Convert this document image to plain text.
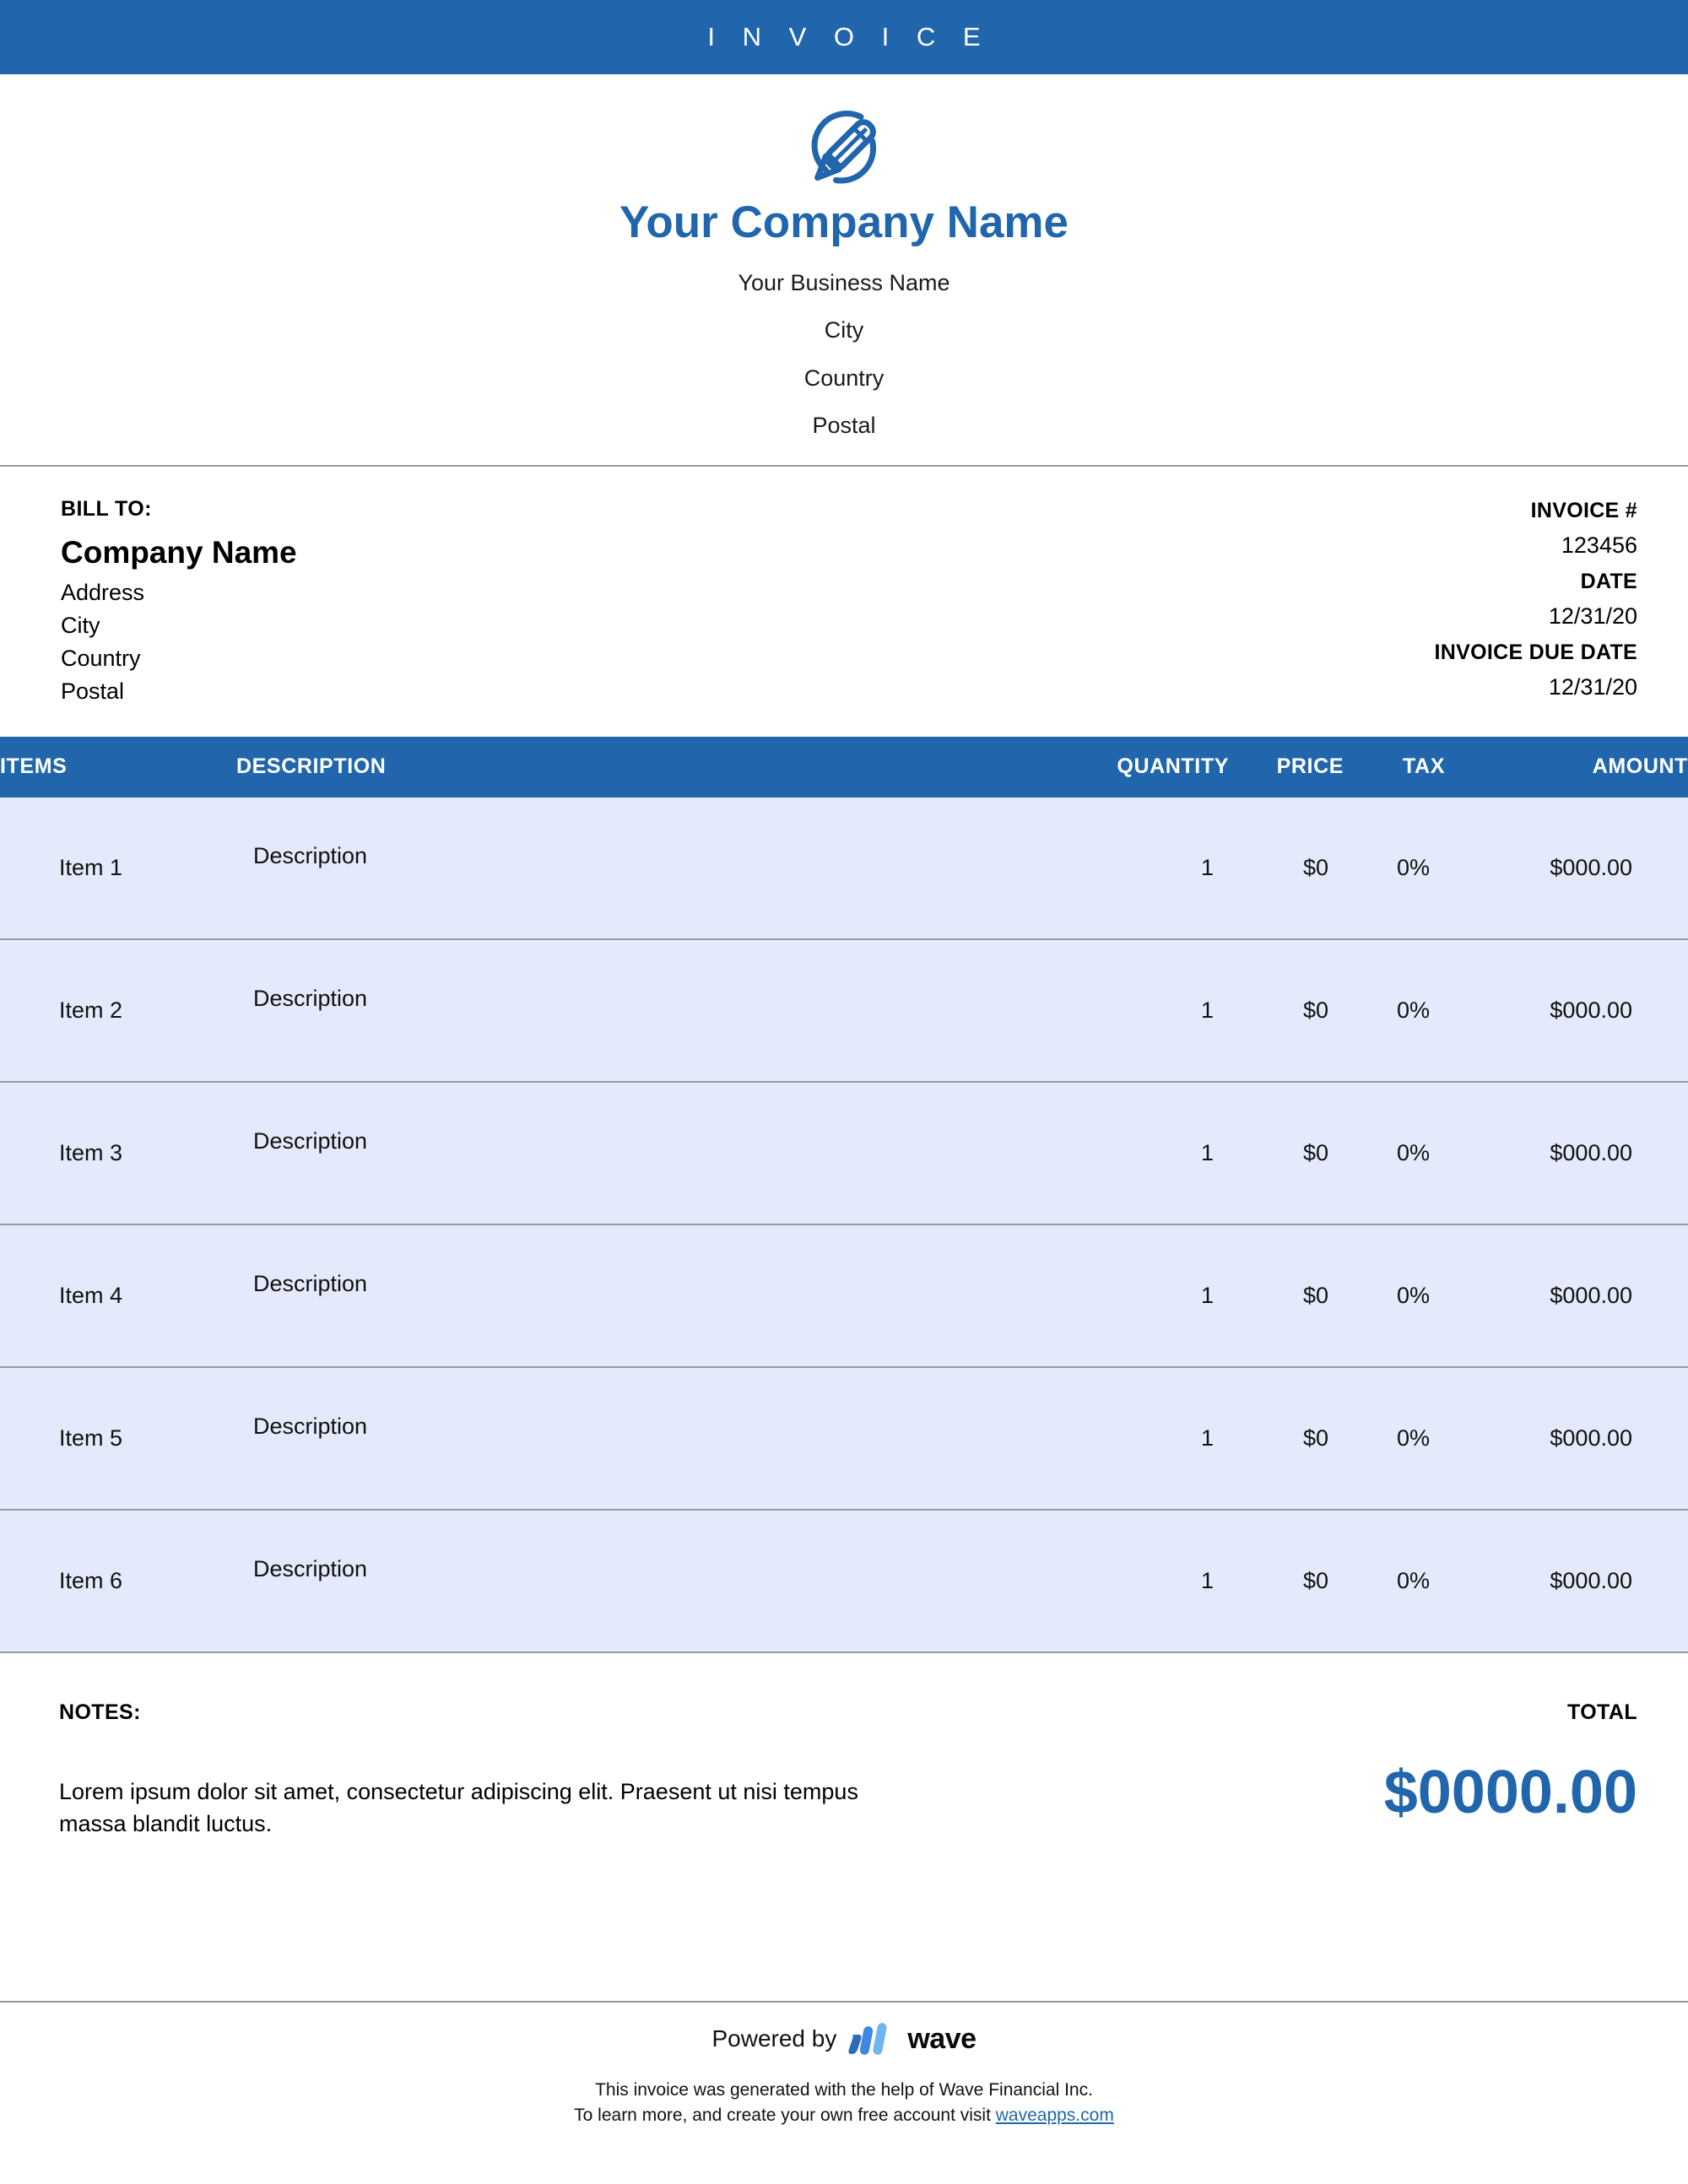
I N V O I C E
Your Company Name
Your Business Name
City
Country
Postal
BILL TO:
Company Name
Address
City
Country
Postal
INVOICE #
123456
DATE
12/31/20
INVOICE DUE DATE
12/31/20
ITEMS	DESCRIPTION	QUANTITY	PRICE	TAX	AMOUNT
Item 1	Description	1	$0	0%	$000.00
Item 2	Description	1	$0	0%	$000.00
Item 3	Description	1	$0	0%	$000.00
Item 4	Description	1	$0	0%	$000.00
Item 5	Description	1	$0	0%	$000.00
Item 6	Description	1	$0	0%	$000.00
NOTES:
Lorem ipsum dolor sit amet, consectetur adipiscing elit. Praesent ut nisi tempus massa blandit luctus.
TOTAL
$0000.00
Powered by wave
This invoice was generated with the help of Wave Financial Inc.
To learn more, and create your own free account visit waveapps.com
